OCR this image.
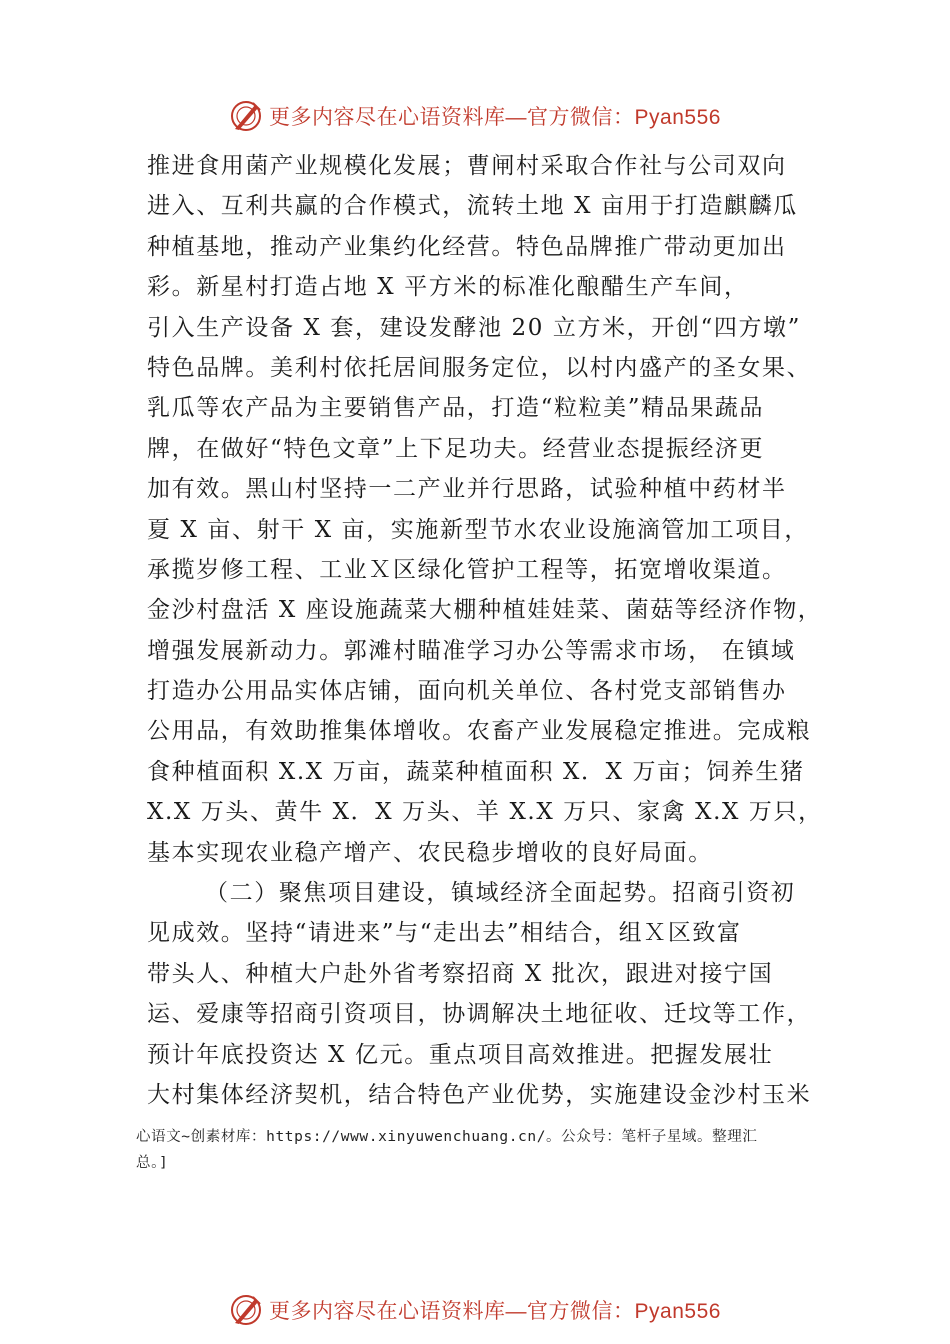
更多内容尽在心语资料库 —官方微信：Pyan556
推进食用菌产业规模化发展；曹闸村采取合作社与公司双向
进入、互利共赢的合作模式，流转土地 X 亩用于打造麒麟瓜
种植基地，推动产业集约化经营。特色品牌推广带动更加出
彩。新星村打造占地 X 平方米的标准化酿醋生产车间，
引入生产设备 X 套，建设发酵池 20 立方米，开创“四方墩”
特色品牌。美利村依托居间服务定位，以村内盛产的圣女果、
乳瓜等农产品为主要销售产品，打造“粒粒美”精品果蔬品
牌，在做好“特色文章”上下足功夫。经营业态提振经济更
加有效。黑山村坚持一二产业并行思路，试验种植中药材半
夏 X 亩、射干 X 亩，实施新型节水农业设施滴管加工项目，
承揽岁修工程、工业Ｘ区绿化管护工程等，拓宽增收渠道。
金沙村盘活 X 座设施蔬菜大棚种植娃娃菜、菌菇等经济作物，
增强发展新动力。郭滩村瞄准学习办公等需求市场， 在镇域
打造办公用品实体店铺，面向机关单位、各村党支部销售办
公用品，有效助推集体增收。农畜产业发展稳定推进。完成粮
食种植面积 X.X 万亩，蔬菜种植面积 X．X 万亩；饲养生猪
X.X 万头、黄牛 X．X 万头、羊 X.X 万只、家禽 X.X 万只，
基本实现农业稳产增产、农民稳步增收的良好局面。
（二）聚焦项目建设，镇域经济全面起势。招商引资初
见成效。坚持“请进来”与“走出去”相结合，组Ｘ区致富
带头人、种植大户赴外省考察招商 X 批次，跟进对接宁国
运、爱康等招商引资项目，协调解决土地征收、迁坟等工作，
预计年底投资达 X 亿元。重点项目高效推进。把握发展壮
大村集体经济契机，结合特色产业优势，实施建设金沙村玉米
心语文~创素材库：https://www.xinyuwenchuang.cn/。公众号：笔杆子星域。整理汇
总。]
更多内容尽在心语资料库 —官方微信：Pyan556
